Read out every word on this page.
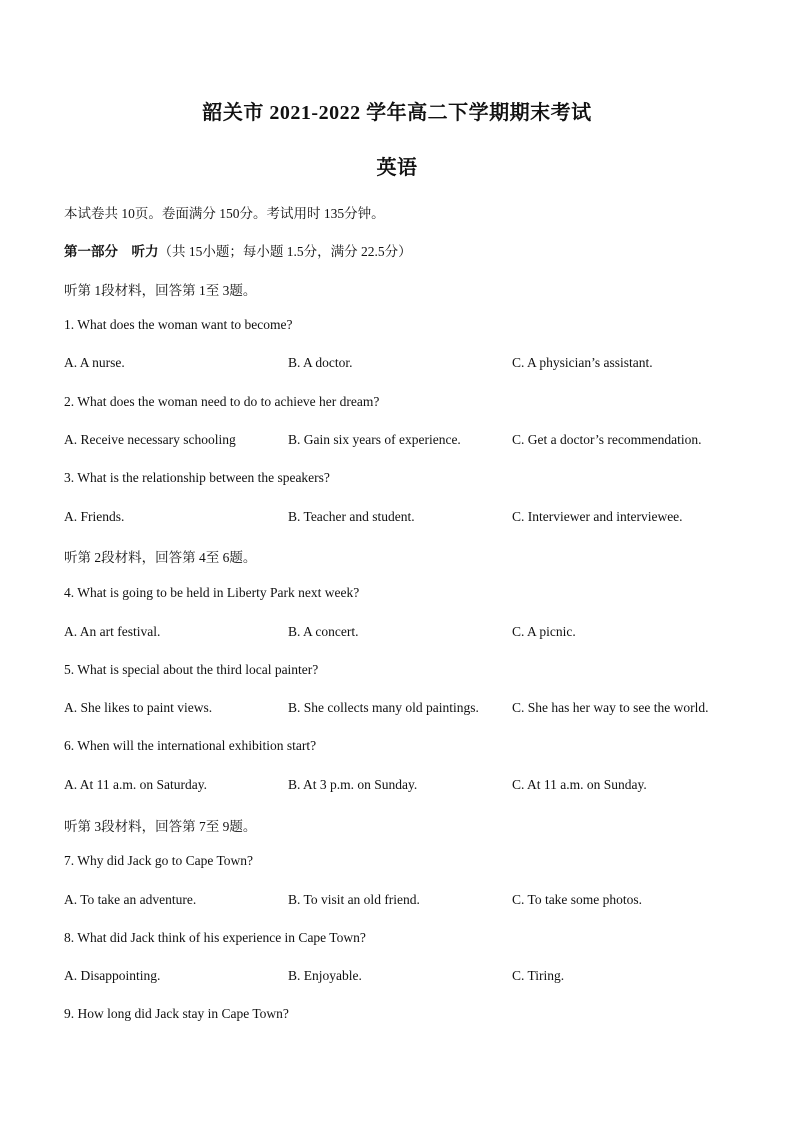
韶关市 2021-2022 学年高二下学期期末考试
英语
本试卷共 10页。卷面满分 150分。考试用时 135分钟。
第一部分　听力（共 15小题；每小题 1.5分，满分 22.5分）
听第 1段材料，回答第 1至 3题。
1. What does the woman want to become?
A. A nurse.	B. A doctor.	C. A physician’s assistant.
2. What does the woman need to do to achieve her dream?
A. Receive necessary schooling	B. Gain six years of experience.	C. Get a doctor’s recommendation.
3. What is the relationship between the speakers?
A. Friends.	B. Teacher and student.	C. Interviewer and interviewee.
听第 2段材料，回答第 4至 6题。
4. What is going to be held in Liberty Park next week?
A. An art festival.	B. A concert.	C. A picnic.
5. What is special about the third local painter?
A. She likes to paint views.	B. She collects many old paintings. C. She has her way to see the world.
6. When will the international exhibition start?
A. At 11 a.m. on Saturday.	B. At 3 p.m. on Sunday.	C. At 11 a.m. on Sunday.
听第 3段材料，回答第 7至 9题。
7. Why did Jack go to Cape Town?
A. To take an adventure.	B. To visit an old friend.	C. To take some photos.
8. What did Jack think of his experience in Cape Town?
A. Disappointing.	B. Enjoyable.	C. Tiring.
9. How long did Jack stay in Cape Town?
